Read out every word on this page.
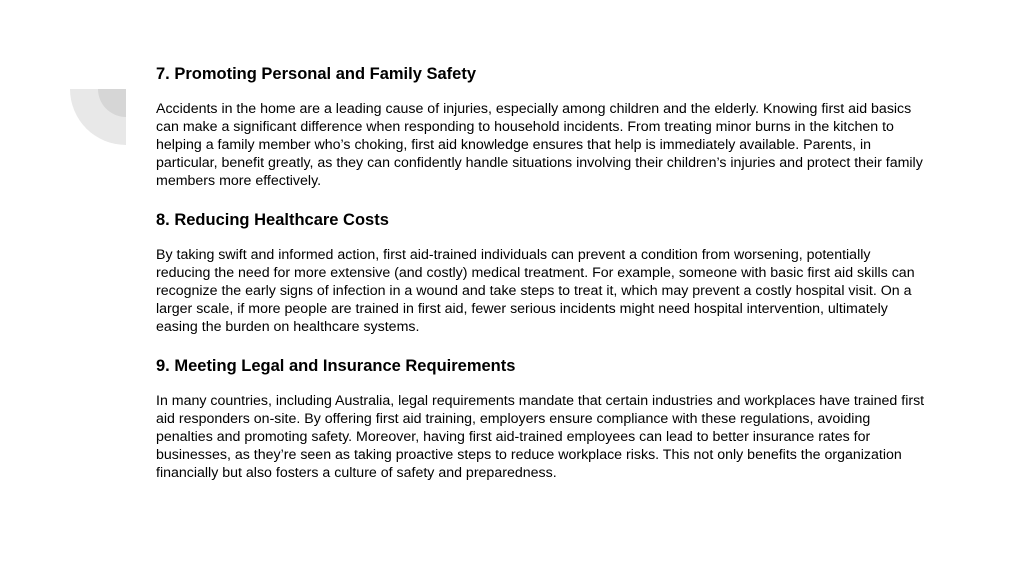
7. Promoting Personal and Family Safety

Accidents in the home are a leading cause of injuries, especially among children and the elderly. Knowing first aid basics can make a significant difference when responding to household incidents. From treating minor burns in the kitchen to helping a family member who’s choking, first aid knowledge ensures that help is immediately available. Parents, in particular, benefit greatly, as they can confidently handle situations involving their children’s injuries and protect their family members more effectively.

8. Reducing Healthcare Costs

By taking swift and informed action, first aid-trained individuals can prevent a condition from worsening, potentially reducing the need for more extensive (and costly) medical treatment. For example, someone with basic first aid skills can recognize the early signs of infection in a wound and take steps to treat it, which may prevent a costly hospital visit. On a larger scale, if more people are trained in first aid, fewer serious incidents might need hospital intervention, ultimately easing the burden on healthcare systems.

9. Meeting Legal and Insurance Requirements

In many countries, including Australia, legal requirements mandate that certain industries and workplaces have trained first aid responders on-site. By offering first aid training, employers ensure compliance with these regulations, avoiding penalties and promoting safety. Moreover, having first aid-trained employees can lead to better insurance rates for businesses, as they’re seen as taking proactive steps to reduce workplace risks. This not only benefits the organization financially but also fosters a culture of safety and preparedness.
